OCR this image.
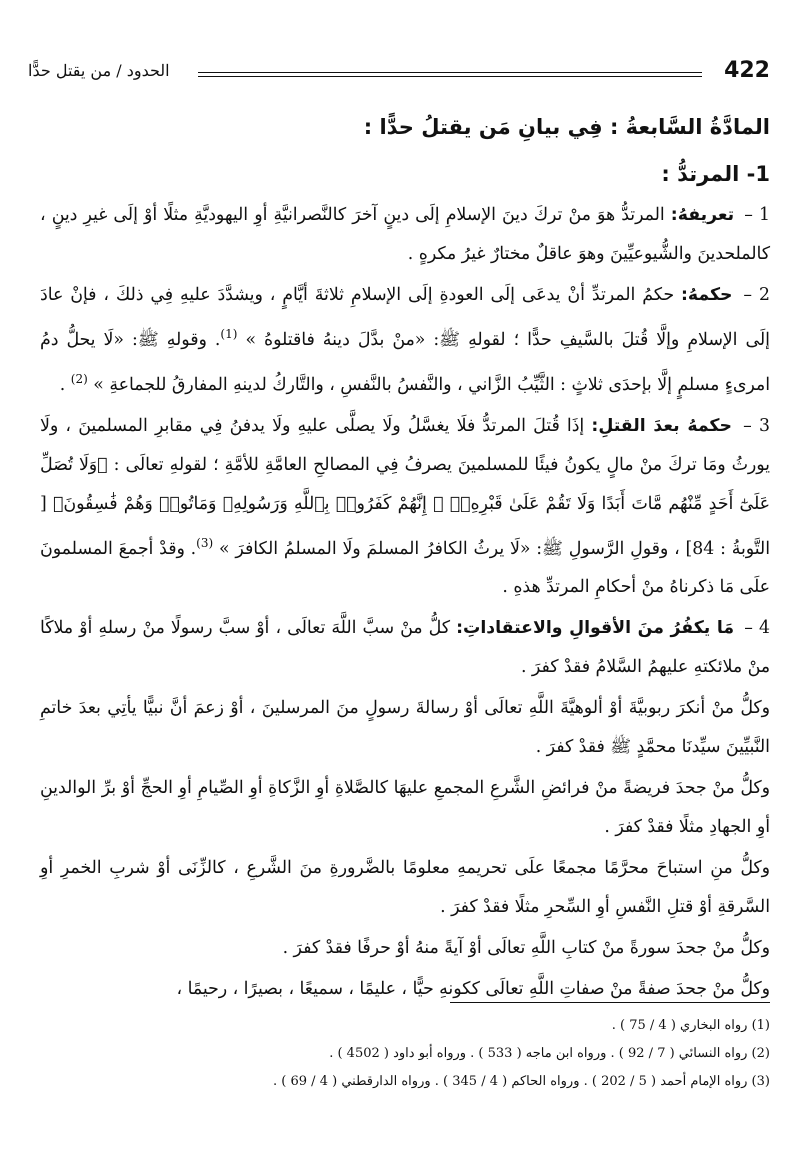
422
الحدود / من يقتل حدًّا
المادَّةُ السَّابعةُ : فِي بيانِ مَن يقتلُ حدًّا :
1- المرتدُّ :

1 – تعريفهُ: المرتدُّ هوَ منْ تركَ دينَ الإسلامِ إلَى دينٍ آخرَ كالنَّصرانيَّةِ أوِ اليهوديَّةِ مثلًا أوْ إلَى غيرِ دينٍ ، كالملحدينَ والشُّيوعيِّينَ وهوَ عاقلٌ مختارٌ غيرُ مكرهٍ .

2 – حكمهُ: حكمُ المرتدِّ أنْ يدعَى إلَى العودةِ إلَى الإسلامِ ثلاثةَ أيَّامٍ ، ويشدَّدَ عليهِ فِي ذلكَ ، فإنْ عادَ إلَى الإسلامِ وإلَّا قُتلَ بالسَّيفِ حدًّا ؛ لقولهِ ﷺ: «منْ بدَّلَ دينهُ فاقتلوهُ » $^{(1)}$. وقولهِ ﷺ: «لَا يحلُّ دمُ امرىءٍ مسلمٍ إلَّا بإحدَى ثلاثٍ : الثَّيِّبُ الزَّاني ، والنَّفسُ بالنَّفسِ ، والتَّاركُ لدينهِ المفارقُ للجماعةِ » $^{(2)}$ .

3 – حكمهُ بعدَ القتلِ: إذَا قُتلَ المرتدُّ فلَا يغسَّلُ ولَا يصلَّى عليهِ ولَا يدفنُ فِي مقابرِ المسلمينَ ، ولَا يورثُ ومَا تركَ منْ مالٍ يكونُ فيئًا للمسلمينَ يصرفُ فِي المصالحِ العامَّةِ للأمَّةِ ؛ لقولهِ تعالَى : ﴿وَلَا تُصَلِّ عَلَىٰٓ أَحَدٍ مِّنْهُم مَّاتَ أَبَدًا وَلَا تَقُمْ عَلَىٰ قَبْرِهِۦٓ ۖ إِنَّهُمْ كَفَرُوا۟ بِٱللَّهِ وَرَسُولِهِۦ وَمَاتُوا۟ وَهُمْ فَٰسِقُونَ﴾ [ التَّوبةُ : 84] ، وقولِ الرَّسولِ ﷺ: «لَا يرثُ الكافرُ المسلمَ ولَا المسلمُ الكافرَ » $^{(3)}$. وقدْ أجمعَ المسلمونَ علَى مَا ذكرناهُ منْ أحكامِ المرتدِّ هذهِ .

4 – مَا يكفُرُ منَ الأقوالِ والاعتقاداتِ: كلُّ منْ سبَّ اللَّهَ تعالَى ، أوْ سبَّ رسولًا منْ رسلهِ أوْ ملاكًا منْ ملائكتهِ عليهمُ السَّلامُ فقدْ كفرَ .

وكلُّ منْ أنكرَ ربوبيَّةَ أوْ ألوهيَّةَ اللَّهِ تعالَى أوْ رسالةَ رسولٍ منَ المرسلينَ ، أوْ زعمَ أنَّ نبيًّا يأتِي بعدَ خاتمِ النَّبيِّينَ سيِّدنَا محمَّدٍ ﷺ فقدْ كفرَ .

وكلُّ منْ جحدَ فريضةً منْ فرائضِ الشَّرعِ المجمعِ عليهَا كالصَّلاةِ أوِ الزَّكاةِ أوِ الصِّيامِ أوِ الحجِّ أوْ برِّ الوالدينِ أوِ الجهادِ مثلًا فقدْ كفرَ .

وكلُّ منِ استباحَ محرَّمًا مجمعًا علَى تحريمهِ معلومًا بالضَّرورةِ منَ الشَّرعِ ، كالزِّنَى أوْ شربِ الخمرِ أوِ السَّرقةِ أوْ قتلِ النَّفسِ أوِ السِّحرِ مثلًا فقدْ كفرَ .

وكلُّ منْ جحدَ سورةً منْ كتابِ اللَّهِ تعالَى أوْ آيةً منهُ أوْ حرفًا فقدْ كفرَ .

وكلُّ منْ جحدَ صفةً منْ صفاتِ اللَّهِ تعالَى ككونهِ حيًّا ، عليمًا ، سميعًا ، بصيرًا ، رحيمًا ،

(1) رواه البخاري ( 4 / 75 ) .
(2) رواه النسائي ( 7 / 92 ) . ورواه ابن ماجه ( 533 ) . ورواه أبو داود ( 4502 ) .
(3) رواه الإمام أحمد ( 5 / 202 ) . ورواه الحاكم ( 4 / 345 ) . ورواه الدارقطني ( 4 / 69 ) .
